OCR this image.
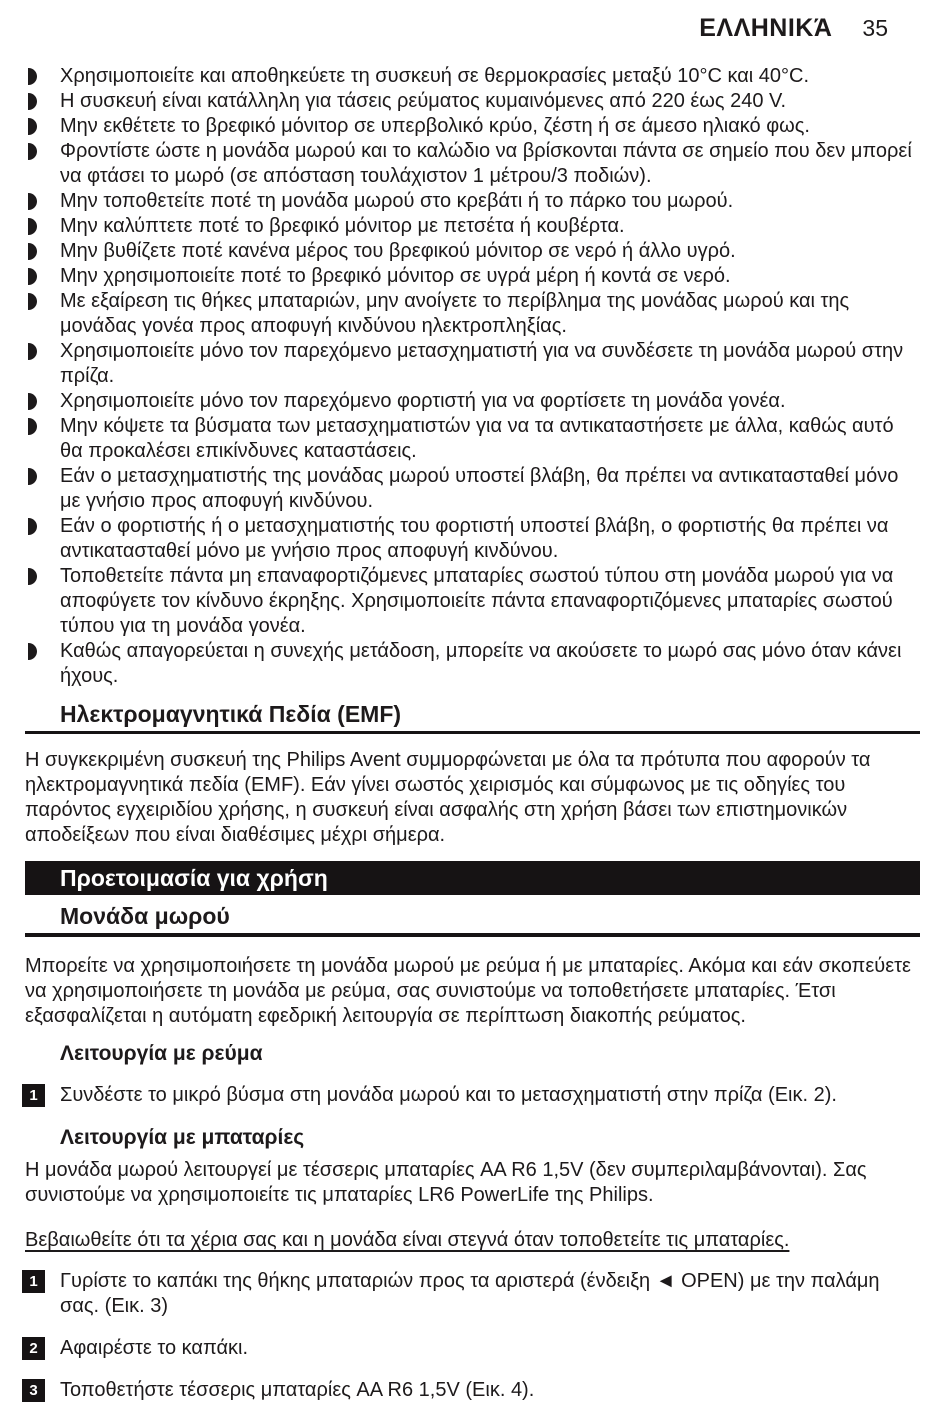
ΕΛΛΗΝΙΚΆ 35
Χρησιμοποιείτε και αποθηκεύετε τη συσκευή σε θερμοκρασίες μεταξύ 10°C και 40°C.
Η συσκευή είναι κατάλληλη για τάσεις ρεύματος κυμαινόμενες από 220 έως 240 V.
Μην εκθέτετε το βρεφικό μόνιτορ σε υπερβολικό κρύο, ζέστη ή σε άμεσο ηλιακό φως.
Φροντίστε ώστε η μονάδα μωρού και το καλώδιο να βρίσκονται πάντα σε σημείο που δεν μπορεί να φτάσει το μωρό (σε απόσταση τουλάχιστον 1 μέτρου/3 ποδιών).
Μην τοποθετείτε ποτέ τη μονάδα μωρού στο κρεβάτι ή το πάρκο του μωρού.
Μην καλύπτετε ποτέ το βρεφικό μόνιτορ με πετσέτα ή κουβέρτα.
Μην βυθίζετε ποτέ κανένα μέρος του βρεφικού μόνιτορ σε νερό ή άλλο υγρό.
Μην χρησιμοποιείτε ποτέ το βρεφικό μόνιτορ σε υγρά μέρη ή κοντά σε νερό.
Με εξαίρεση τις θήκες μπαταριών, μην ανοίγετε το περίβλημα της μονάδας μωρού και της μονάδας γονέα προς αποφυγή κινδύνου ηλεκτροπληξίας.
Χρησιμοποιείτε μόνο τον παρεχόμενο μετασχηματιστή για να συνδέσετε τη μονάδα μωρού στην πρίζα.
Χρησιμοποιείτε μόνο τον παρεχόμενο φορτιστή για να φορτίσετε τη μονάδα γονέα.
Μην κόψετε τα βύσματα των μετασχηματιστών για να τα αντικαταστήσετε με άλλα, καθώς αυτό θα προκαλέσει επικίνδυνες καταστάσεις.
Εάν ο μετασχηματιστής της μονάδας μωρού υποστεί βλάβη, θα πρέπει να αντικατασταθεί μόνο με γνήσιο προς αποφυγή κινδύνου.
Εάν ο φορτιστής ή ο μετασχηματιστής του φορτιστή υποστεί βλάβη, ο φορτιστής θα πρέπει να αντικατασταθεί μόνο με γνήσιο προς αποφυγή κινδύνου.
Τοποθετείτε πάντα μη επαναφορτιζόμενες μπαταρίες σωστού τύπου στη μονάδα μωρού για να αποφύγετε τον κίνδυνο έκρηξης. Χρησιμοποιείτε πάντα επαναφορτιζόμενες μπαταρίες σωστού τύπου για τη μονάδα γονέα.
Καθώς απαγορεύεται η συνεχής μετάδοση, μπορείτε να ακούσετε το μωρό σας μόνο όταν κάνει ήχους.
Ηλεκτρομαγνητικά Πεδία (EMF)

Η συγκεκριμένη συσκευή της Philips Avent συμμορφώνεται με όλα τα πρότυπα που αφορούν τα ηλεκτρομαγνητικά πεδία (EMF). Εάν γίνει σωστός χειρισμός και σύμφωνος με τις οδηγίες του παρόντος εγχειριδίου χρήσης, η συσκευή είναι ασφαλής στη χρήση βάσει των επιστημονικών αποδείξεων που είναι διαθέσιμες μέχρι σήμερα.

Προετοιμασία για χρήση
Μονάδα μωρού

Μπορείτε να χρησιμοποιήσετε τη μονάδα μωρού με ρεύμα ή με μπαταρίες. Ακόμα και εάν σκοπεύετε να χρησιμοποιήσετε τη μονάδα με ρεύμα, σας συνιστούμε να τοποθετήσετε μπαταρίες. Έτσι εξασφαλίζεται η αυτόματη εφεδρική λειτουργία σε περίπτωση διακοπής ρεύματος.

Λειτουργία με ρεύμα
1	Συνδέστε το μικρό βύσμα στη μονάδα μωρού και το μετασχηματιστή στην πρίζα (Εικ. 2).
Λειτουργία με μπαταρίες

Η μονάδα μωρού λειτουργεί με τέσσερις μπαταρίες AA R6 1,5V (δεν συμπεριλαμβάνονται). Σας συνιστούμε να χρησιμοποιείτε τις μπαταρίες LR6 PowerLife της Philips.

Βεβαιωθείτε ότι τα χέρια σας και η μονάδα είναι στεγνά όταν τοποθετείτε τις μπαταρίες.

1	Γυρίστε το καπάκι της θήκης μπαταριών προς τα αριστερά (ένδειξη ◄ OPEN) με την παλάμη σας. (Εικ. 3)
2	Αφαιρέστε το καπάκι.
3	Τοποθετήστε τέσσερις μπαταρίες AA R6 1,5V (Εικ. 4).
